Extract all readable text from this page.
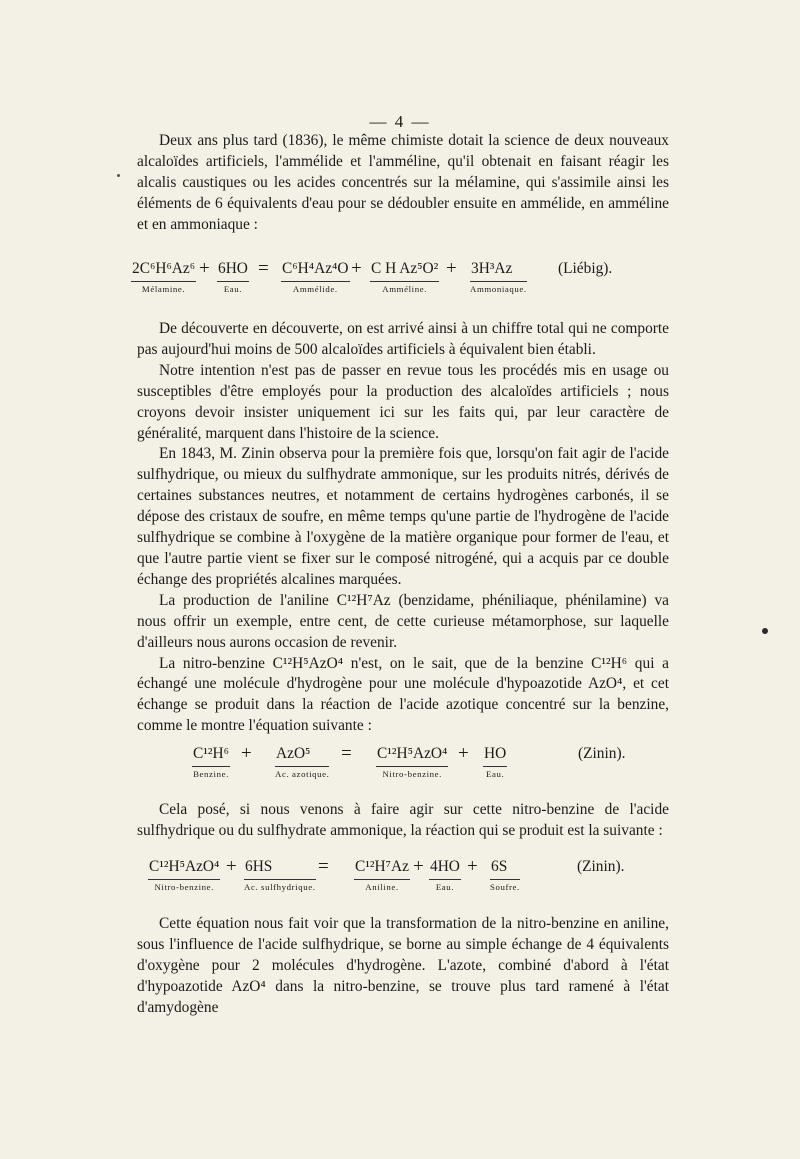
— 4 —

Deux ans plus tard (1836), le même chimiste dotait la science de deux nouveaux alcaloïdes artificiels, l'ammélide et l'amméline, qu'il obtenait en faisant réagir les alcalis caustiques ou les acides concentrés sur la mélamine, qui s'assimile ainsi les éléments de 6 équivalents d'eau pour se dédoubler ensuite en ammélide, en amméline et en ammoniaque :

2C⁶H⁶Az⁶
Mélamine.
+ 6HO
Eau.
= C⁶H⁴Az⁴O
Ammélide.
+ C H Az⁵O²
Amméline.
+ 3H³Az
Ammoniaque.
(Liébig).

De découverte en découverte, on est arrivé ainsi à un chiffre total qui ne comporte pas aujourd'hui moins de 500 alcaloïdes artificiels à équivalent bien établi.

Notre intention n'est pas de passer en revue tous les procédés mis en usage ou susceptibles d'être employés pour la production des alcaloïdes artificiels ; nous croyons devoir insister uniquement ici sur les faits qui, par leur caractère de généralité, marquent dans l'histoire de la science.

En 1843, M. Zinin observa pour la première fois que, lorsqu'on fait agir de l'acide sulfhydrique, ou mieux du sulfhydrate ammonique, sur les produits nitrés, dérivés de certaines substances neutres, et notamment de certains hydrogènes carbonés, il se dépose des cristaux de soufre, en même temps qu'une partie de l'hydrogène de l'acide sulfhydrique se combine à l'oxygène de la matière organique pour former de l'eau, et que l'autre partie vient se fixer sur le composé nitrogéné, qui a acquis par ce double échange des propriétés alcalines marquées.

La production de l'aniline C¹²H⁷Az (benzidame, phéniliaque, phénilamine) va nous offrir un exemple, entre cent, de cette curieuse métamorphose, sur laquelle d'ailleurs nous aurons occasion de revenir.

La nitro-benzine C¹²H⁵AzO⁴ n'est, on le sait, que de la benzine C¹²H⁶ qui a échangé une molécule d'hydrogène pour une molécule d'hypoazotide AzO⁴, et cet échange se produit dans la réaction de l'acide azotique concentré sur la benzine, comme le montre l'équation suivante :

C¹²H⁶
Benzine.
+ AzO⁵
Ac. azotique.
= C¹²H⁵AzO⁴
Nitro-benzine.
+ HO
Eau.
(Zinin).

Cela posé, si nous venons à faire agir sur cette nitro-benzine de l'acide sulfhydrique ou du sulfhydrate ammonique, la réaction qui se produit est la suivante :

C¹²H⁵AzO⁴
Nitro-benzine.
+ 6HS
Ac. sulfhydrique.
= C¹²H⁷Az
Aniline.
+ 4HO
Eau.
+ 6S
Soufre.
(Zinin).

Cette équation nous fait voir que la transformation de la nitro-benzine en aniline, sous l'influence de l'acide sulfhydrique, se borne au simple échange de 4 équivalents d'oxygène pour 2 molécules d'hydrogène. L'azote, combiné d'abord à l'état d'hypoazotide AzO⁴ dans la nitro-benzine, se trouve plus tard ramené à l'état d'amydogène
